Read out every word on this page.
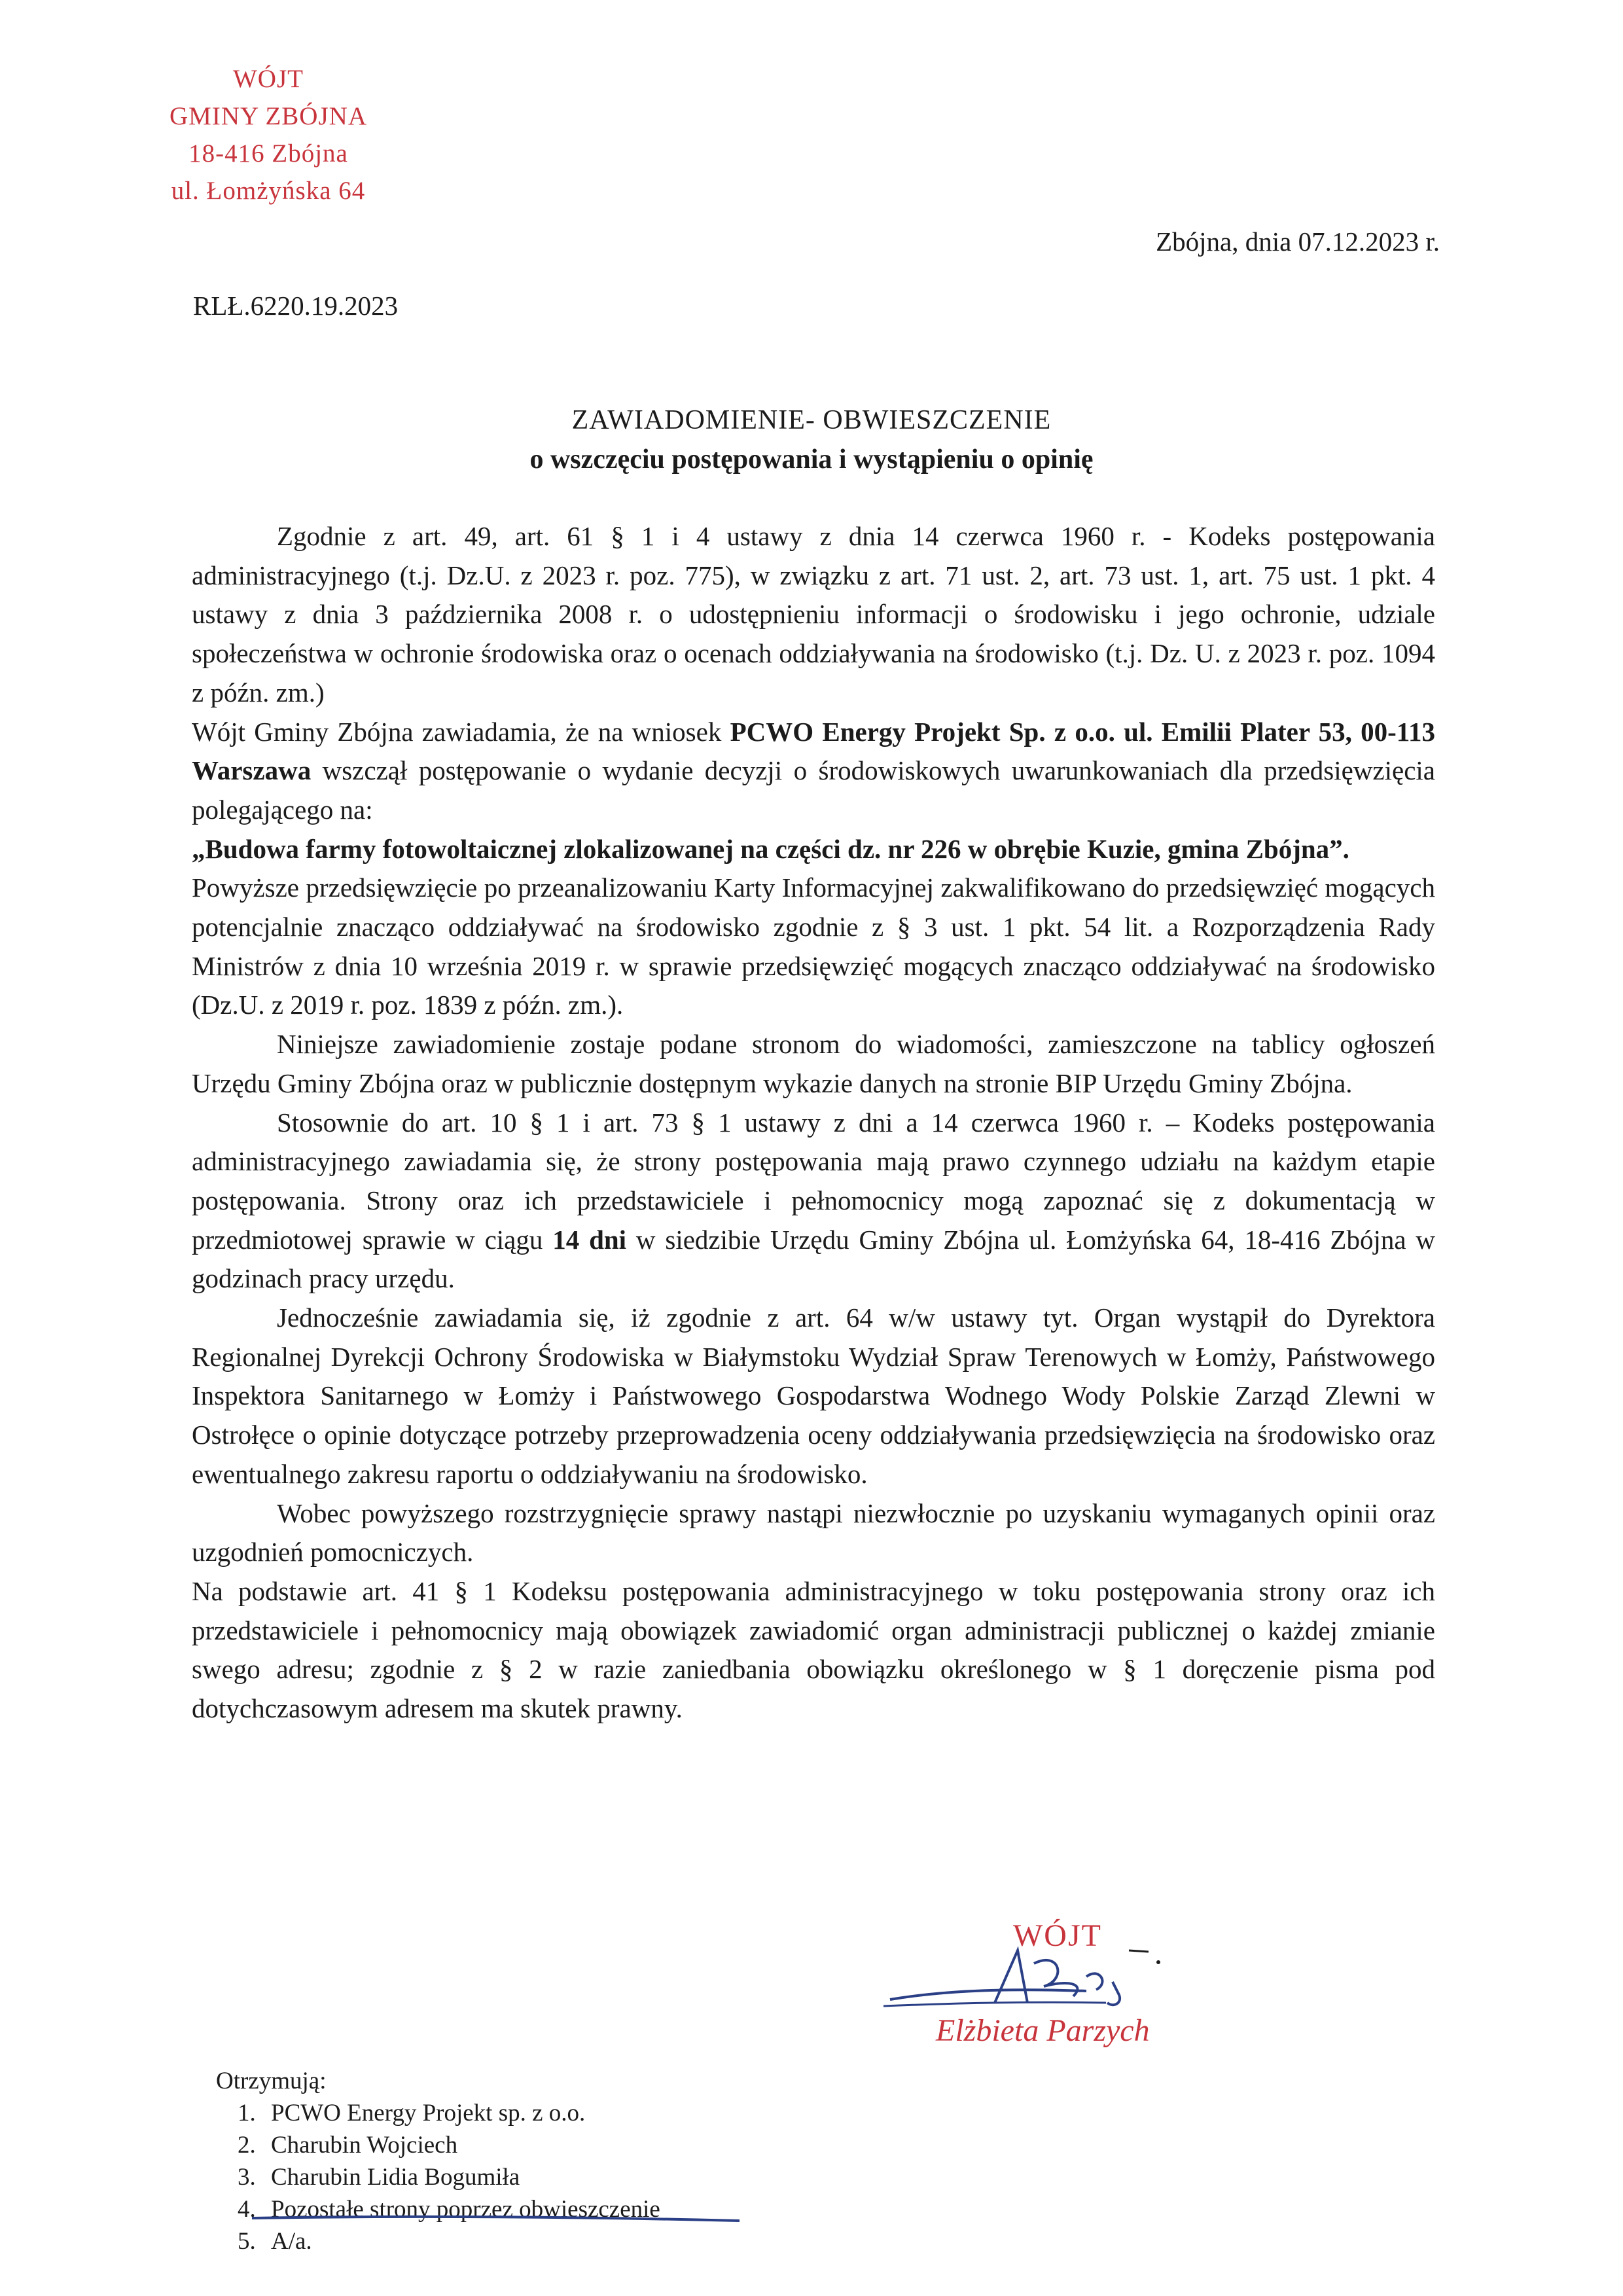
WÓJT
GMINY ZBÓJNA
18-416 Zbójna
ul. Łomżyńska 64
Zbójna, dnia 07.12.2023 r.
RLŁ.6220.19.2023
ZAWIADOMIENIE- OBWIESZCZENIE
o wszczęciu postępowania i wystąpieniu o opinię

Zgodnie z art. 49, art. 61 § 1 i 4 ustawy z dnia 14 czerwca 1960 r. - Kodeks postępowania administracyjnego (t.j. Dz.U. z 2023 r. poz. 775), w związku z art. 71 ust. 2, art. 73 ust. 1, art. 75 ust. 1 pkt. 4 ustawy z dnia 3 października 2008 r. o udostępnieniu informacji o środowisku i jego ochronie, udziale społeczeństwa w ochronie środowiska oraz o ocenach oddziaływania na środowisko (t.j. Dz. U. z 2023 r. poz. 1094 z późn. zm.)

Wójt Gminy Zbójna zawiadamia, że na wniosek PCWO Energy Projekt Sp. z o.o. ul. Emilii Plater 53, 00-113 Warszawa wszczął postępowanie o wydanie decyzji o środowiskowych uwarunkowaniach dla przedsięwzięcia polegającego na:

„Budowa farmy fotowoltaicznej zlokalizowanej na części dz. nr 226 w obrębie Kuzie, gmina Zbójna”.

Powyższe przedsięwzięcie po przeanalizowaniu Karty Informacyjnej zakwalifikowano do przedsięwzięć mogących potencjalnie znacząco oddziaływać na środowisko zgodnie z § 3 ust. 1 pkt. 54 lit. a Rozporządzenia Rady Ministrów z dnia 10 września 2019 r. w sprawie przedsięwzięć mogących znacząco oddziaływać na środowisko (Dz.U. z 2019 r. poz. 1839 z późn. zm.).

Niniejsze zawiadomienie zostaje podane stronom do wiadomości, zamieszczone na tablicy ogłoszeń Urzędu Gminy Zbójna oraz w publicznie dostępnym wykazie danych na stronie BIP Urzędu Gminy Zbójna.

Stosownie do art. 10 § 1 i art. 73 § 1 ustawy z dni a 14 czerwca 1960 r. – Kodeks postępowania administracyjnego zawiadamia się, że strony postępowania mają prawo czynnego udziału na każdym etapie postępowania. Strony oraz ich przedstawiciele i pełnomocnicy mogą zapoznać się z dokumentacją w przedmiotowej sprawie w ciągu 14 dni w siedzibie Urzędu Gminy Zbójna ul. Łomżyńska 64, 18-416 Zbójna w godzinach pracy urzędu.

Jednocześnie zawiadamia się, iż zgodnie z art. 64 w/w ustawy tyt. Organ wystąpił do Dyrektora Regionalnej Dyrekcji Ochrony Środowiska w Białymstoku Wydział Spraw Terenowych w Łomży, Państwowego Inspektora Sanitarnego w Łomży i Państwowego Gospodarstwa Wodnego Wody Polskie Zarząd Zlewni w Ostrołęce o opinie dotyczące potrzeby przeprowadzenia oceny oddziaływania przedsięwzięcia na środowisko oraz ewentualnego zakresu raportu o oddziaływaniu na środowisko.

Wobec powyższego rozstrzygnięcie sprawy nastąpi niezwłocznie po uzyskaniu wymaganych opinii oraz uzgodnień pomocniczych.

Na podstawie art. 41 § 1 Kodeksu postępowania administracyjnego w toku postępowania strony oraz ich przedstawiciele i pełnomocnicy mają obowiązek zawiadomić organ administracji publicznej o każdej zmianie swego adresu; zgodnie z § 2 w razie zaniedbania obowiązku określonego w § 1 doręczenie pisma pod dotychczasowym adresem ma skutek prawny.

WÓJT
Elżbieta Parzych
Otrzymują:
1. PCWO Energy Projekt sp. z o.o.
2. Charubin Wojciech
3. Charubin Lidia Bogumiła
4. Pozostałe strony poprzez obwieszczenie
5. A/a.
